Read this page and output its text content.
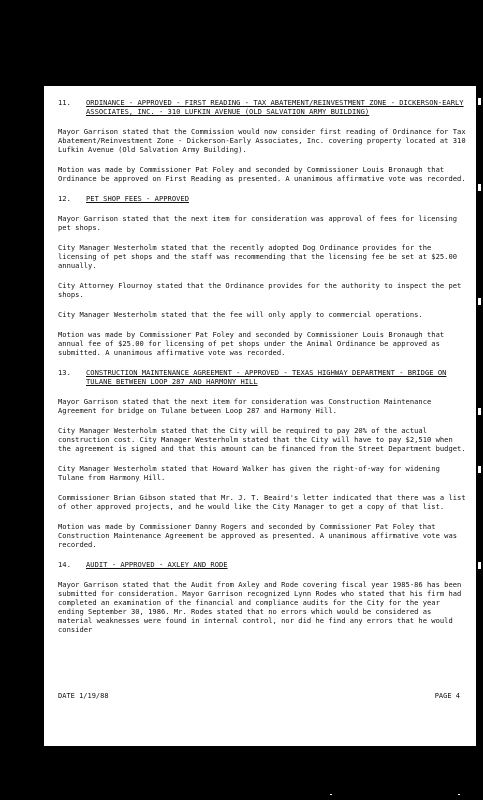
11.	ORDINANCE - APPROVED - FIRST READING - TAX ABATEMENT/REINVESTMENT ZONE - DICKERSON-EARLY ASSOCIATES, INC. - 310 LUFKIN AVENUE (OLD SALVATION ARMY BUILDING)
Mayor Garrison stated that the Commission would now consider first reading of Ordinance for Tax Abatement/Reinvestment Zone - Dickerson-Early Associates, Inc. covering property located at 310 Lufkin Avenue (Old Salvation Army Building).
Motion was made by Commissioner Pat Foley and seconded by Commissioner Louis Bronaugh that Ordinance be approved on First Reading as presented. A unanimous affirmative vote was recorded.
12.	PET SHOP FEES - APPROVED
Mayor Garrison stated that the next item for consideration was approval of fees for licensing pet shops.
City Manager Westerholm stated that the recently adopted Dog Ordinance provides for the licensing of pet shops and the staff was recommending that the licensing fee be set at $25.00 annually.
City Attorney Flournoy stated that the Ordinance provides for the authority to inspect the pet shops.
City Manager Westerholm stated that the fee will only apply to commercial operations.
Motion was made by Commissioner Pat Foley and seconded by Commissioner Louis Bronaugh that annual fee of $25.00 for licensing of pet shops under the Animal Ordinance be approved as submitted. A unanimous affirmative vote was recorded.
13.	CONSTRUCTION MAINTENANCE AGREEMENT - APPROVED - TEXAS HIGHWAY DEPARTMENT - BRIDGE ON TULANE BETWEEN LOOP 287 AND HARMONY HILL
Mayor Garrison stated that the next item for consideration was Construction Maintenance Agreement for bridge on Tulane between Loop 287 and Harmony Hill.
City Manager Westerholm stated that the City will be required to pay 20% of the actual construction cost. City Manager Westerholm stated that the City will have to pay $2,510 when the agreement is signed and that this amount can be financed from the Street Department budget.
City Manager Westerholm stated that Howard Walker has given the right-of-way for widening Tulane from Harmony Hill.
Commissioner Brian Gibson stated that Mr. J. T. Beaird's letter indicated that there was a list of other approved projects, and he would like the City Manager to get a copy of that list.
Motion was made by Commissioner Danny Rogers and seconded by Commissioner Pat Foley that Construction Maintenance Agreement be approved as presented. A unanimous affirmative vote was recorded.
14.	AUDIT - APPROVED - AXLEY AND RODE
Mayor Garrison stated that the Audit from Axley and Rode covering fiscal year 1985-86 has been submitted for consideration. Mayor Garrison recognized Lynn Rodes who stated that his firm had completed an examination of the financial and compliance audits for the City for the year ending September 30, 1986. Mr. Rodes stated that no errors which would be considered as material weaknesses were found in internal control, nor did he find any errors that he would consider
DATE 1/19/88	PAGE 4
